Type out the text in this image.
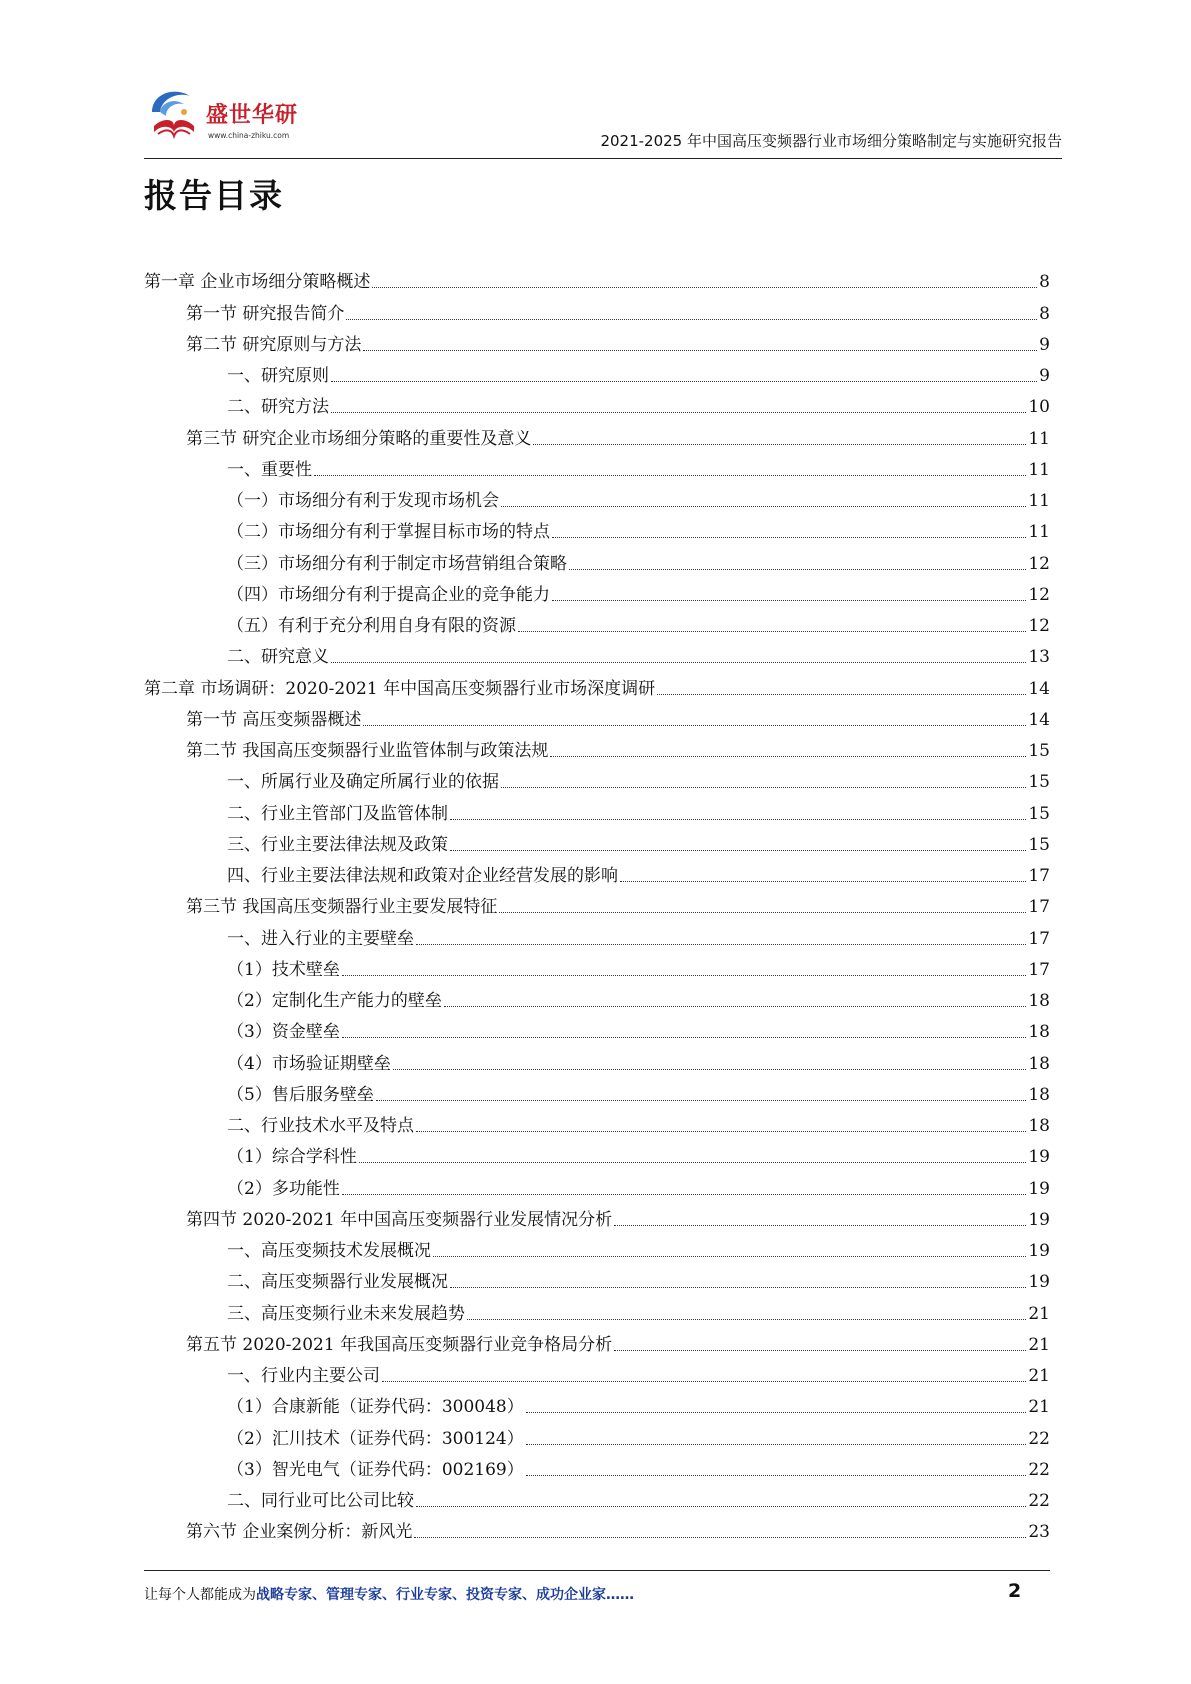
盛世华研
www.china-zhiku.com	2021-2025 年中国高压变频器行业市场细分策略制定与实施研究报告
报告目录
第一章 企业市场细分策略概述	8
第一节 研究报告简介	8
第二节 研究原则与方法	9
一、研究原则	9
二、研究方法	10
第三节 研究企业市场细分策略的重要性及意义	11
一、重要性	11
（一）市场细分有利于发现市场机会	11
（二）市场细分有利于掌握目标市场的特点	11
（三）市场细分有利于制定市场营销组合策略	12
（四）市场细分有利于提高企业的竞争能力	12
（五）有利于充分利用自身有限的资源	12
二、研究意义	13
第二章 市场调研：2020-2021 年中国高压变频器行业市场深度调研	14
第一节 高压变频器概述	14
第二节 我国高压变频器行业监管体制与政策法规	15
一、所属行业及确定所属行业的依据	15
二、行业主管部门及监管体制	15
三、行业主要法律法规及政策	15
四、行业主要法律法规和政策对企业经营发展的影响	17
第三节 我国高压变频器行业主要发展特征	17
一、进入行业的主要壁垒	17
（1）技术壁垒	17
（2）定制化生产能力的壁垒	18
（3）资金壁垒	18
（4）市场验证期壁垒	18
（5）售后服务壁垒	18
二、行业技术水平及特点	18
（1）综合学科性	19
（2）多功能性	19
第四节 2020-2021 年中国高压变频器行业发展情况分析	19
一、高压变频技术发展概况	19
二、高压变频器行业发展概况	19
三、高压变频行业未来发展趋势	21
第五节 2020-2021 年我国高压变频器行业竞争格局分析	21
一、行业内主要公司	21
（1）合康新能（证券代码：300048）	21
（2）汇川技术（证券代码：300124）	22
（3）智光电气（证券代码：002169）	22
二、同行业可比公司比较	22
第六节 企业案例分析：新风光	23
让每个人都能成为战略专家、管理专家、行业专家、投资专家、成功企业家……	2
